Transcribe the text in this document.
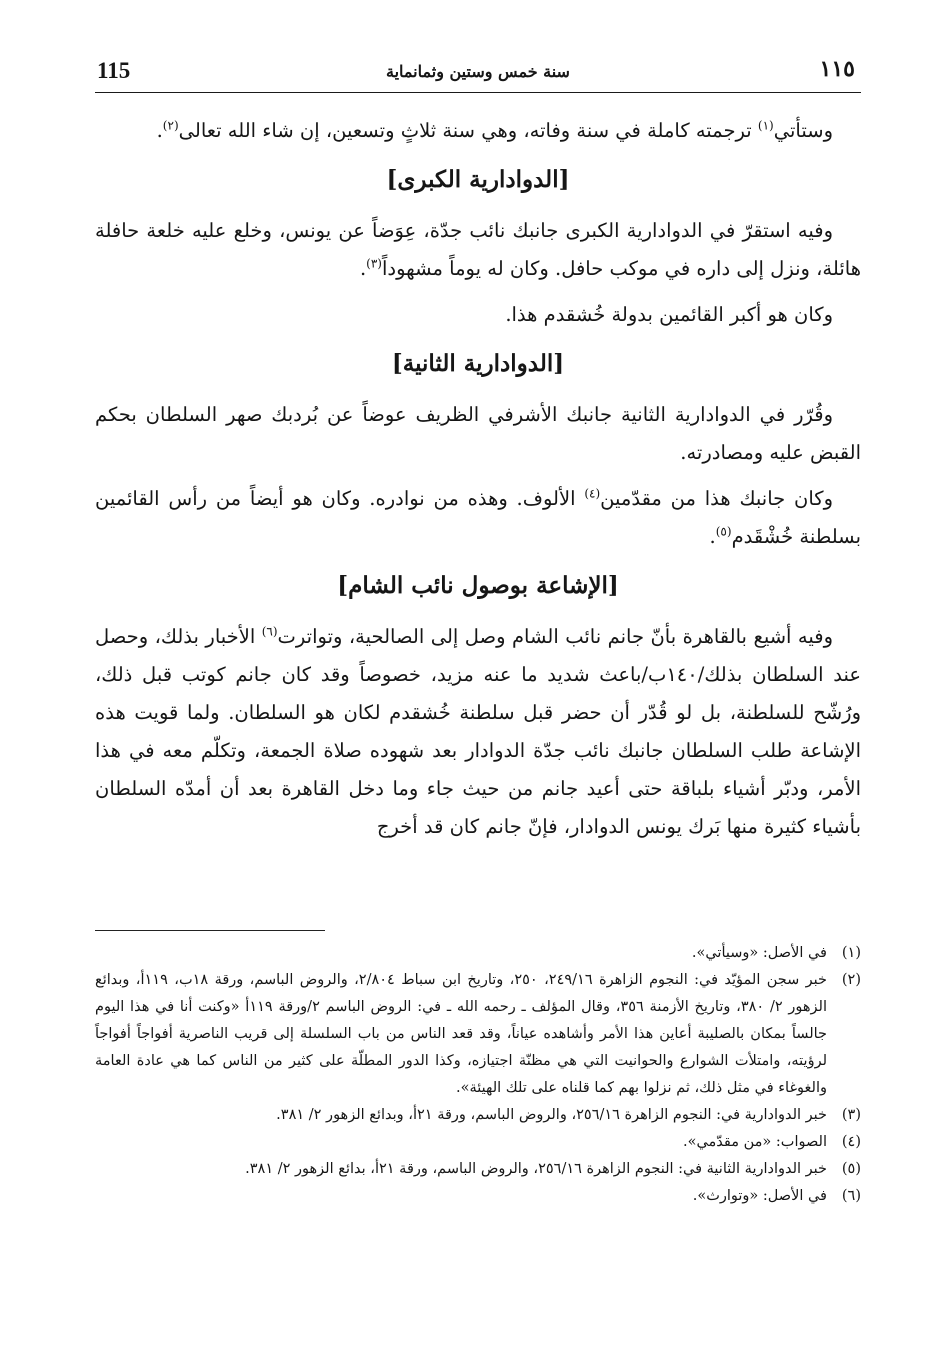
١١٥
سنة خمس وستين وثمانماية
115

وستأتي$^{(١)}$ ترجمته كاملة في سنة وفاته، وهي سنة ثلاثٍ وتسعين، إن شاء الله تعالى$^{(٢)}$.

[الدوادارية الكبرى]

وفيه استقرّ في الدوادارية الكبرى جانبك نائب جدّة، عِوَضاً عن يونس، وخلع عليه خلعة حافلة هائلة، ونزل إلى داره في موكب حافل. وكان له يوماً مشهوداً$^{(٣)}$.

وكان هو أكبر القائمين بدولة خُشقدم هذا.

[الدوادارية الثانية]

وقُرّر في الدوادارية الثانية جانبك الأشرفي الظريف عوضاً عن بُردبك صهر السلطان بحكم القبض عليه ومصادرته.

وكان جانبك هذا من مقدّمين$^{(٤)}$ الألوف. وهذه من نوادره. وكان هو أيضاً من رأس القائمين بسلطنة خُشْقَدم$^{(٥)}$.

[الإشاعة بوصول نائب الشام]

وفيه أشيع بالقاهرة بأنّ جانم نائب الشام وصل إلى الصالحية، وتواترت$^{(٦)}$ الأخبار بذلك، وحصل عند السلطان بذلك/١٤٠ب/باعث شديد ما عنه مزيد، خصوصاً وقد كان جانم كوتب قبل ذلك، ورُشّح للسلطنة، بل لو قُدّر أن حضر قبل سلطنة خُشقدم لكان هو السلطان. ولما قويت هذه الإشاعة طلب السلطان جانبك نائب جدّة الدوادار بعد شهوده صلاة الجمعة، وتكلّم معه في هذا الأمر، ودبّر أشياء بلباقة حتى أعيد جانم من حيث جاء وما دخل القاهرة بعد أن أمدّه السلطان بأشياء كثيرة منها بَرك يونس الدوادار، فإنّ جانم كان قد أخرج

(١)
في الأصل: «وسيأتي».

(٢)
خبر سجن المؤيّد في: النجوم الزاهرة ٢٤٩/١٦، ٢٥٠، وتاريخ ابن سباط ٢/٨٠٤، والروض الباسم، ورقة ١٨ب، ١١٩أ، وبدائع الزهور ٢/ ٣٨٠، وتاريخ الأزمنة ٣٥٦، وقال المؤلف ـ رحمه الله ـ في: الروض الباسم ٢/ورقة ١١٩أ «وكنت أنا في هذا اليوم جالساً بمكان بالصليبة أعاين هذا الأمر وأشاهده عياناً، وقد قعد الناس من باب السلسلة إلى قريب الناصرية أفواجاً أفواجاً لرؤيته، وامتلأت الشوارع والحوانيت التي هي مظنّة اجتيازه، وكذا الدور المطلّة على كثير من الناس كما هي عادة العامة والغوغاء في مثل ذلك، ثم نزلوا بهم كما قلناه على تلك الهيئة».

(٣)
خبر الدوادارية في: النجوم الزاهرة ٢٥٦/١٦، والروض الباسم، ورقة ٢١أ، وبدائع الزهور ٢/ ٣٨١.

(٤)
الصواب: «من مقدّمي».

(٥)
خبر الدوادارية الثانية في: النجوم الزاهرة ٢٥٦/١٦، والروض الباسم، ورقة ٢١أ، بدائع الزهور ٢/ ٣٨١.

(٦)
في الأصل: «وتوارث».
